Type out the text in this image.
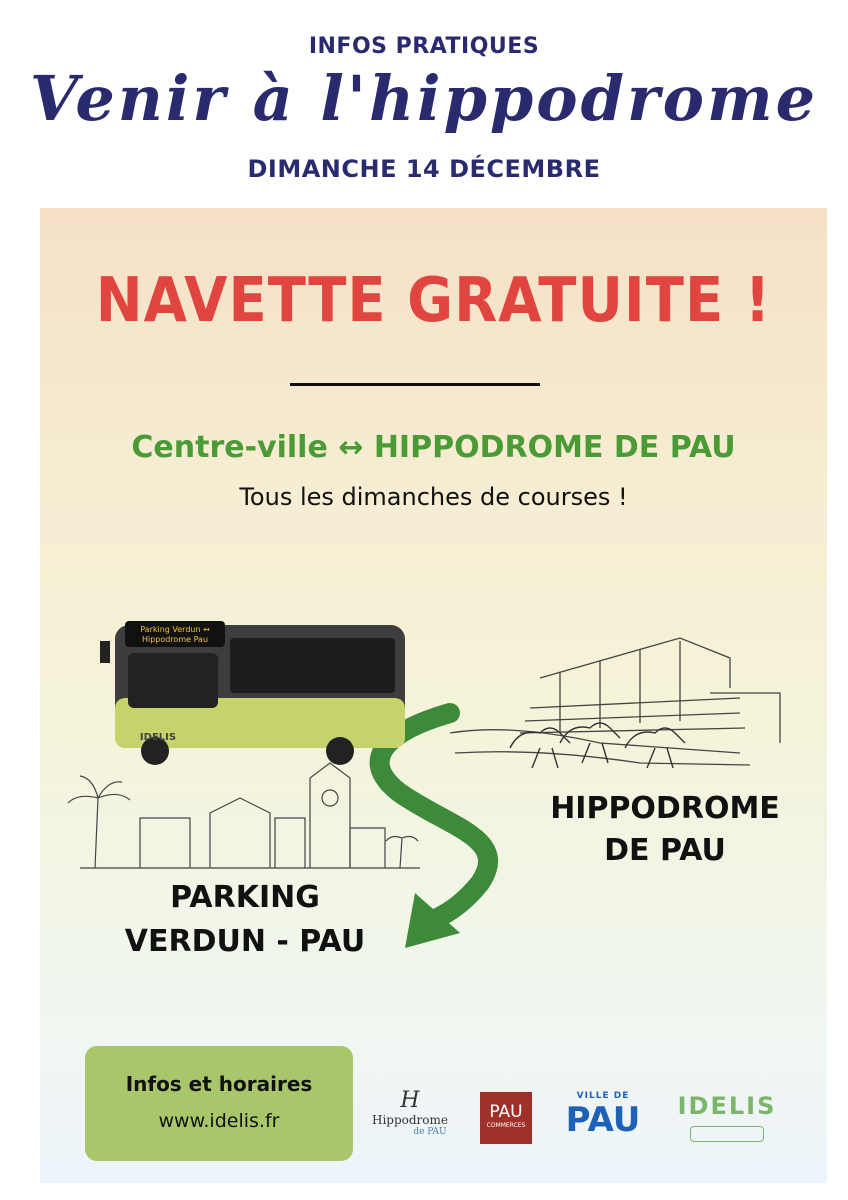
INFOS PRATIQUES
Venir à l'hippodrome
DIMANCHE 14 DÉCEMBRE
NAVETTE GRATUITE !
Centre-ville ↔ HIPPODROME DE PAU
Tous les dimanches de courses !
Parking Verdun ↔
Hippodrome Pau
IDELIS
HIPPODROME
DE PAU
PARKING
VERDUN - PAU
Infos et horaires
www.idelis.fr
H
Hippodrome
de PAU
PAU
COMMERCES
VILLE DE
PAU	IDELIS
